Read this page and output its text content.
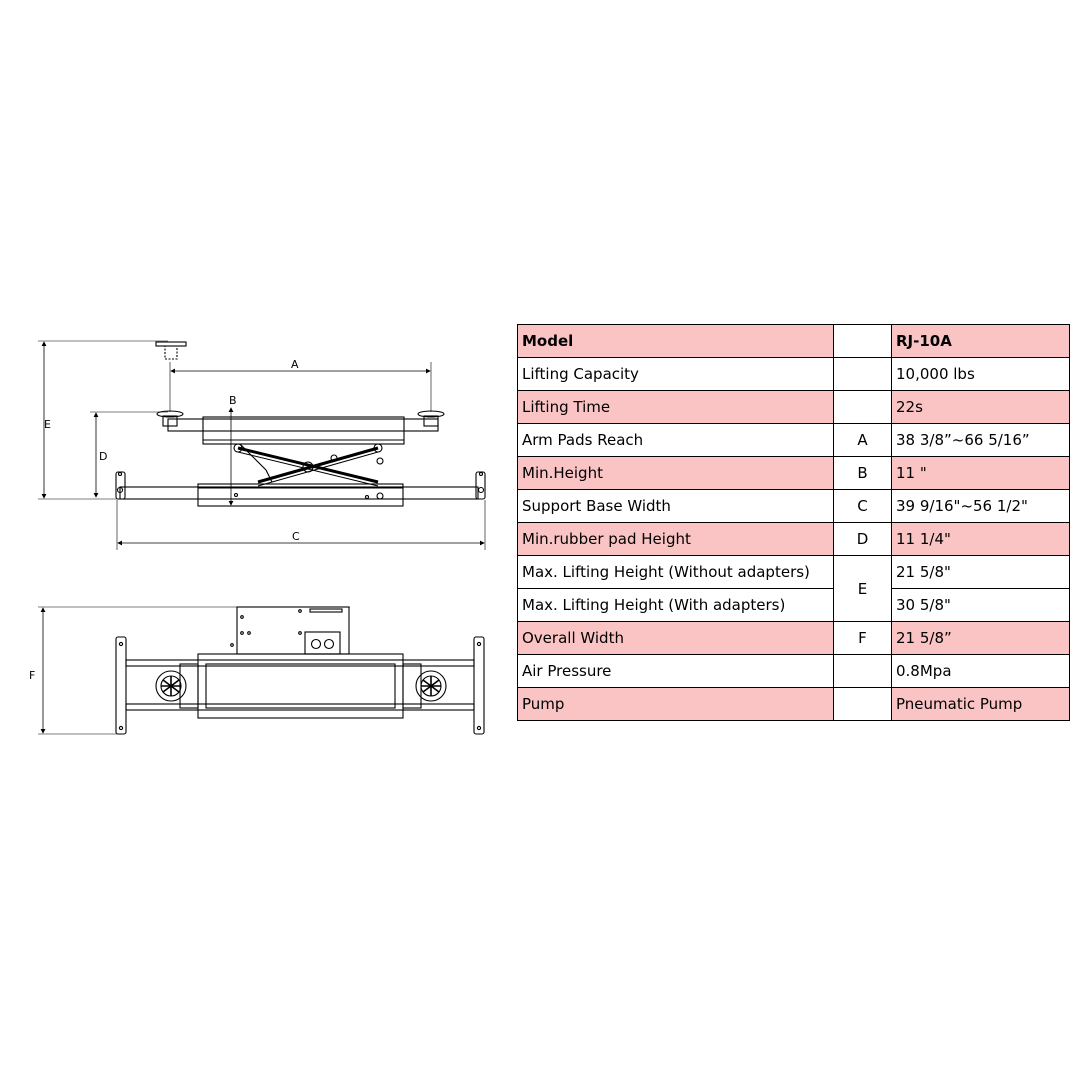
A
B
C
D
E
F
Model		RJ-10A
Lifting Capacity		10,000 lbs
Lifting Time		22s
Arm Pads Reach	A	38 3/8”~66 5/16”
Min.Height	B	11 "
Support Base Width	C	39 9/16"~56 1/2"
Min.rubber pad Height	D	11 1/4"
Max. Lifting Height (Without adapters)	E	21 5/8"
Max. Lifting Height (With adapters)		30 5/8"
Overall Width	F	21 5/8”
Air Pressure		0.8Mpa
Pump		Pneumatic Pump
